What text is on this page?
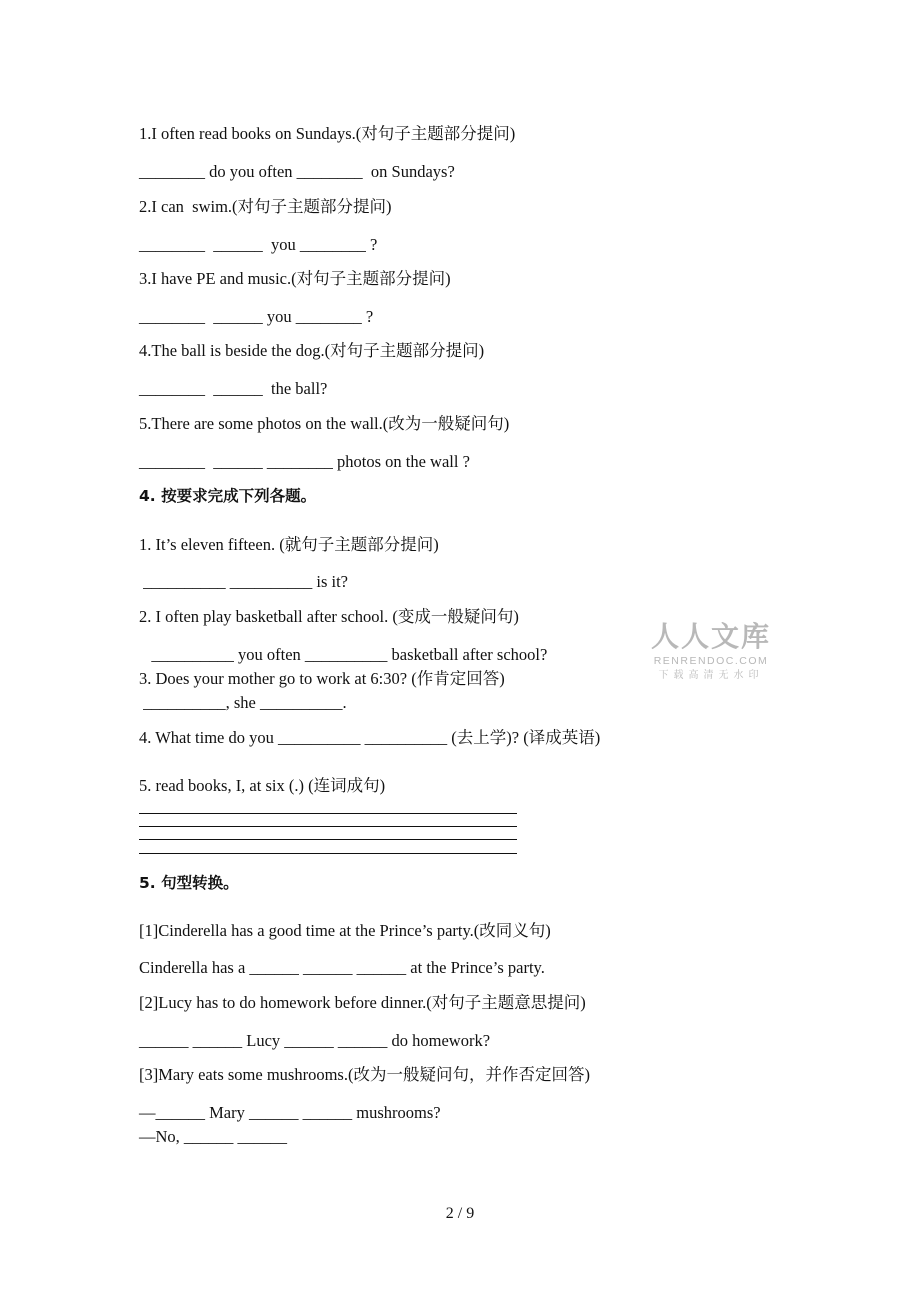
1.I often read books on Sundays.(对句子主题部分提问)
________ do you often ________  on Sundays?
2.I can  swim.(对句子主题部分提问)
________  ______  you ________ ?
3.I have PE and music.(对句子主题部分提问)
________  ______ you ________ ?
4.The ball is beside the dog.(对句子主题部分提问)
________  ______  the ball?
5.There are some photos on the wall.(改为一般疑问句)
________  ______ ________ photos on the wall ?
4. 按要求完成下列各题。
1. It’s eleven fifteen. (就句子主题部分提问)
__________ __________ is it?
2. I often play basketball after school. (变成一般疑问句)
__________ you often __________ basketball after school?
3. Does your mother go to work at 6:30? (作肯定回答)
__________, she __________.
4. What time do you __________ __________ (去上学)? (译成英语)
5. read books, I, at six (.) (连词成句)
5. 句型转换。
[1]Cinderella has a good time at the Prince’s party.(改同义句)
Cinderella has a ______ ______ ______ at the Prince’s party.
[2]Lucy has to do homework before dinner.(对句子主题意思提问)
______ ______ Lucy ______ ______ do homework?
[3]Mary eats some mushrooms.(改为一般疑问句，并作否定回答)
—______ Mary ______ ______ mushrooms?
—No, ______ ______
人人文库
RENRENDOC.COM
下载高清无水印
2 / 9
